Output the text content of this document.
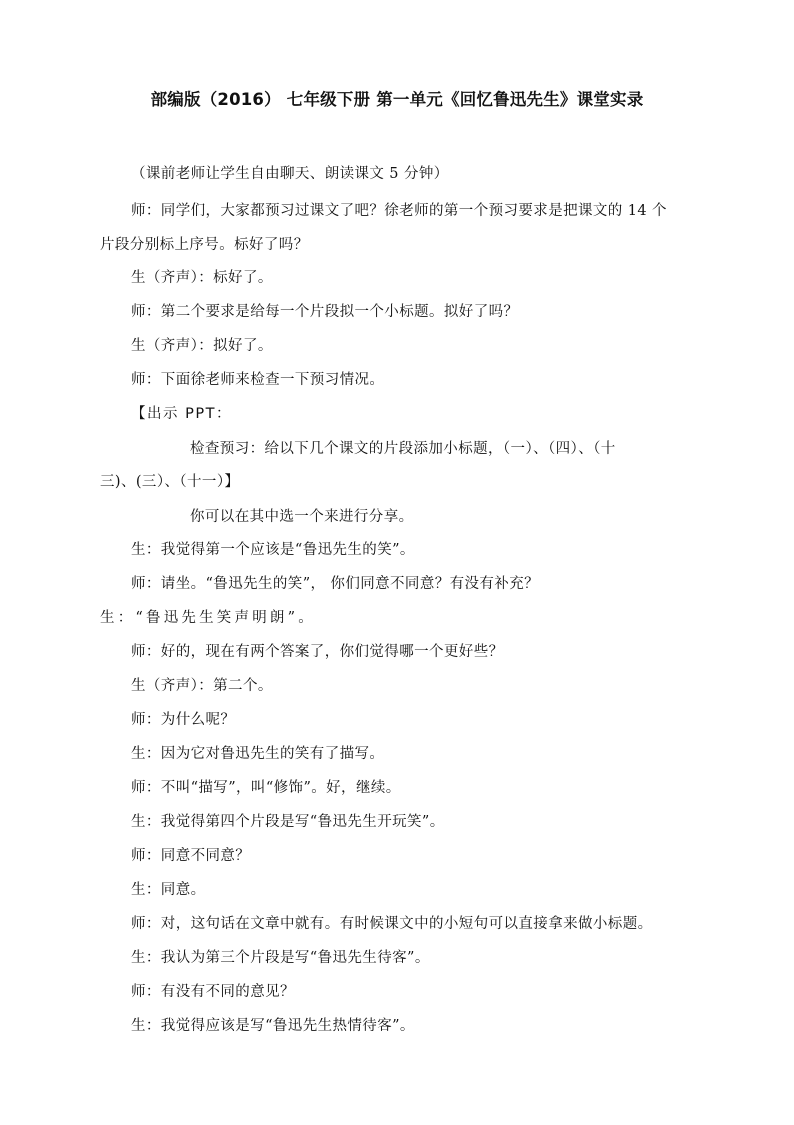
部编版（2016） 七年级下册 第一单元《回忆鲁迅先生》课堂实录
（课前老师让学生自由聊天、朗读课文 5 分钟）
师：同学们，大家都预习过课文了吧？徐老师的第一个预习要求是把课文的 14 个
片段分别标上序号。标好了吗？
生（齐声）：标好了。
师：第二个要求是给每一个片段拟一个小标题。拟好了吗？
生（齐声）：拟好了。
师：下面徐老师来检查一下预习情况。
【出示 PPT：
检查预习：给以下几个课文的片段添加小标题，（一）、（四）、（十
三)、(三）、（十一）】
你可以在其中选一个来进行分享。
生：我觉得第一个应该是“鲁迅先生的笑”。
师：请坐。“鲁迅先生的笑”， 你们同意不同意？有没有补充？
生：“鲁迅先生笑声明朗”。
师：好的，现在有两个答案了，你们觉得哪一个更好些？
生（齐声）：第二个。
师：为什么呢？
生：因为它对鲁迅先生的笑有了描写。
师：不叫“描写”，叫“修饰”。好，继续。
生：我觉得第四个片段是写“鲁迅先生开玩笑”。
师：同意不同意？
生：同意。
师：对，这句话在文章中就有。有时候课文中的小短句可以直接拿来做小标题。
生：我认为第三个片段是写“鲁迅先生待客”。
师：有没有不同的意见？
生：我觉得应该是写“鲁迅先生热情待客”。
